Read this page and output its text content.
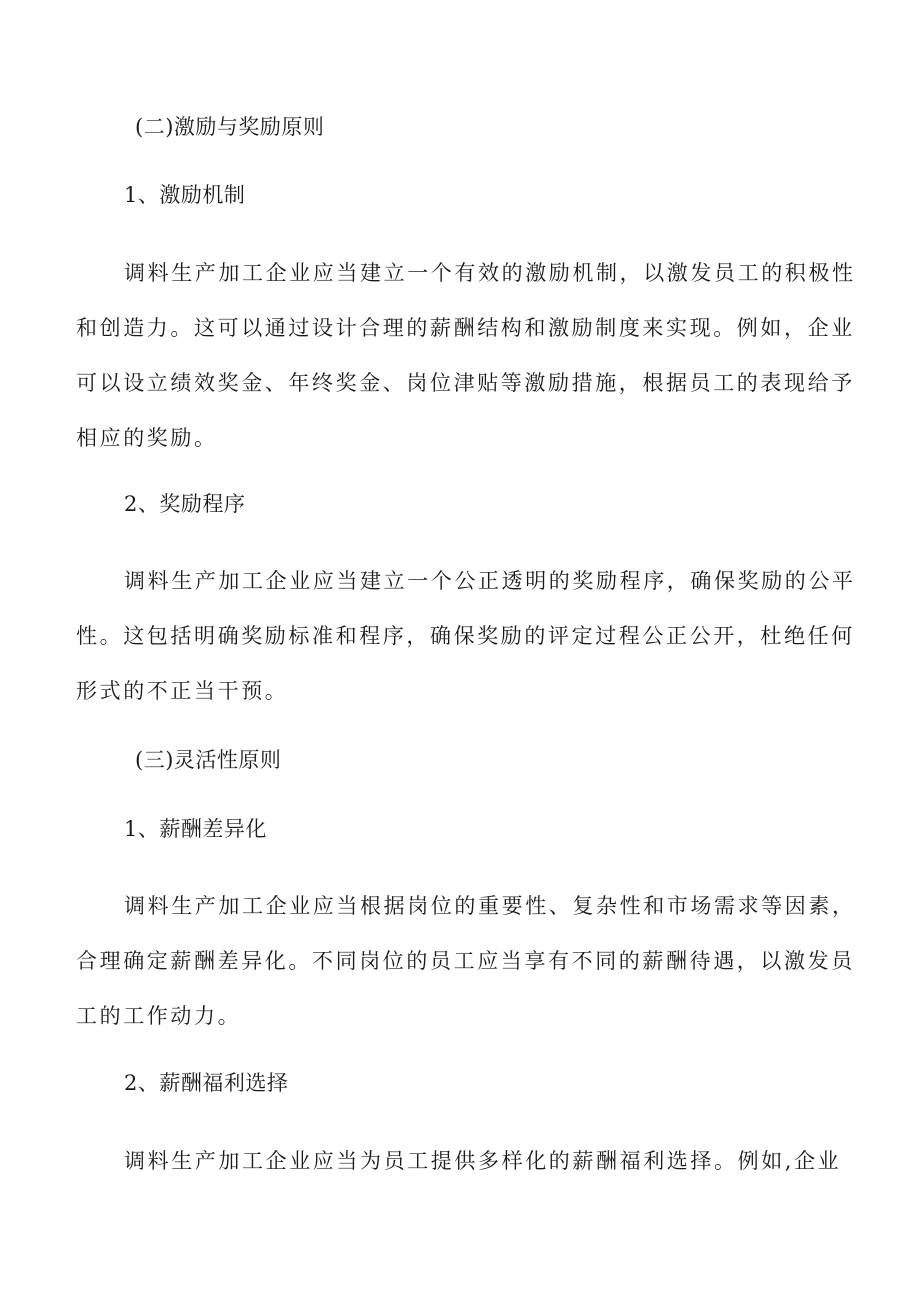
(二)激励与奖励原则

1、激励机制

调料生产加工企业应当建立一个有效的激励机制，以激发员工的积极性

和创造力。这可以通过设计合理的薪酬结构和激励制度来实现。例如，企业

可以设立绩效奖金、年终奖金、岗位津贴等激励措施，根据员工的表现给予

相应的奖励。

2、奖励程序

调料生产加工企业应当建立一个公正透明的奖励程序，确保奖励的公平

性。这包括明确奖励标准和程序，确保奖励的评定过程公正公开，杜绝任何

形式的不正当干预。

(三)灵活性原则

1、薪酬差异化

调料生产加工企业应当根据岗位的重要性、复杂性和市场需求等因素，

合理确定薪酬差异化。不同岗位的员工应当享有不同的薪酬待遇，以激发员

工的工作动力。

2、薪酬福利选择

调料生产加工企业应当为员工提供多样化的薪酬福利选择。例如,企业
